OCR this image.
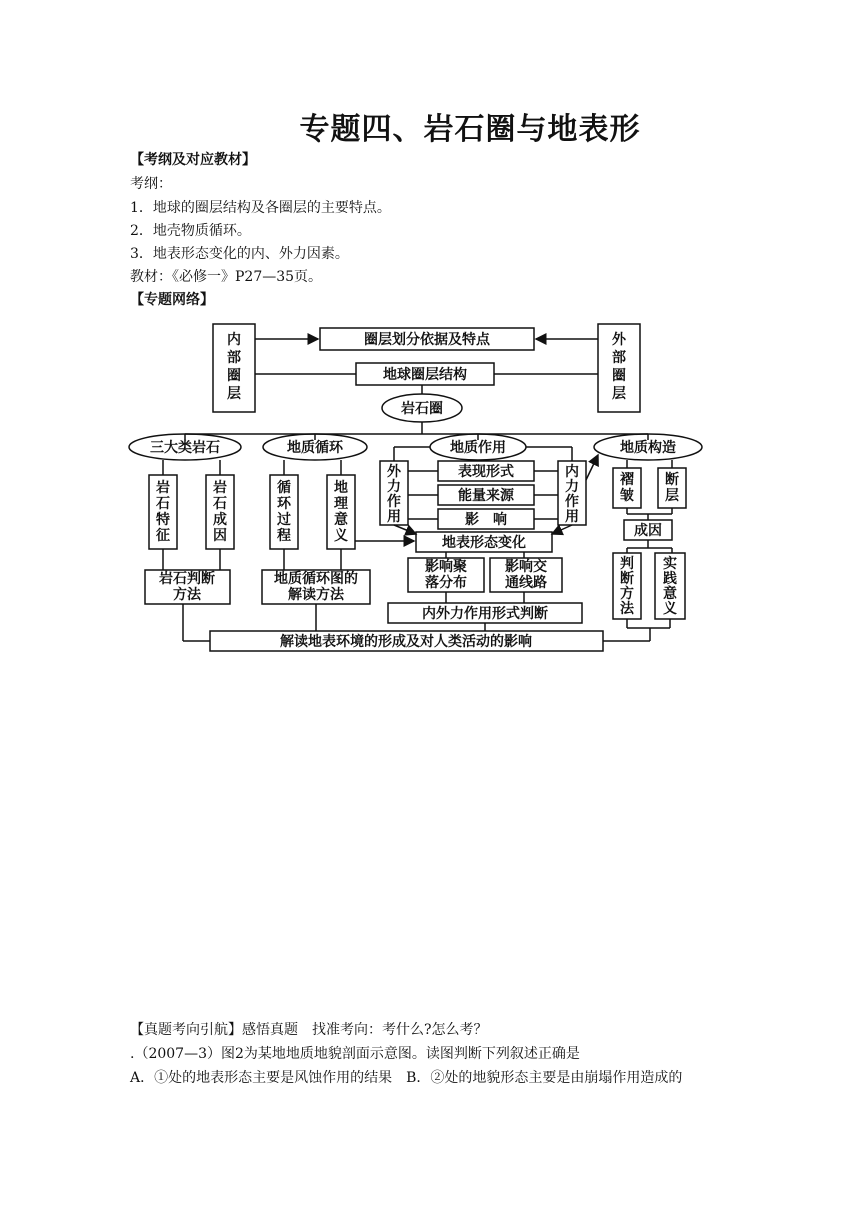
专题四、岩石圈与地表形
【考纲及对应教材】
考纲：
1．地球的圈层结构及各圈层的主要特点。
2．地壳物质循环。
3．地表形态变化的内、外力因素。
教材：《必修一》P27—35页。
【专题网络】
内部圈层
外部圈层
岩石特征
岩石成因
循环过程
地理意义
外力作用
内力作用
褶皱
断层
判断方法
实践意义
圈层划分依据及特点
地球圈层结构
岩石圈
三大类岩石	地质循环	地质作用	地质构造
表现形式
能量来源
影　响
成因
地表形态变化
影响聚落分布
影响交通线路
岩石判断方法
地质循环图的解读方法
内外力作用形式判断
解读地表环境的形成及对人类活动的影响
【真题考向引航】感悟真题　找准考向：考什么?怎么考？
.（2007—3）图2为某地地质地貌剖面示意图。读图判断下列叙述正确是
A．①处的地表形态主要是风蚀作用的结果　B．②处的地貌形态主要是由崩塌作用造成的
